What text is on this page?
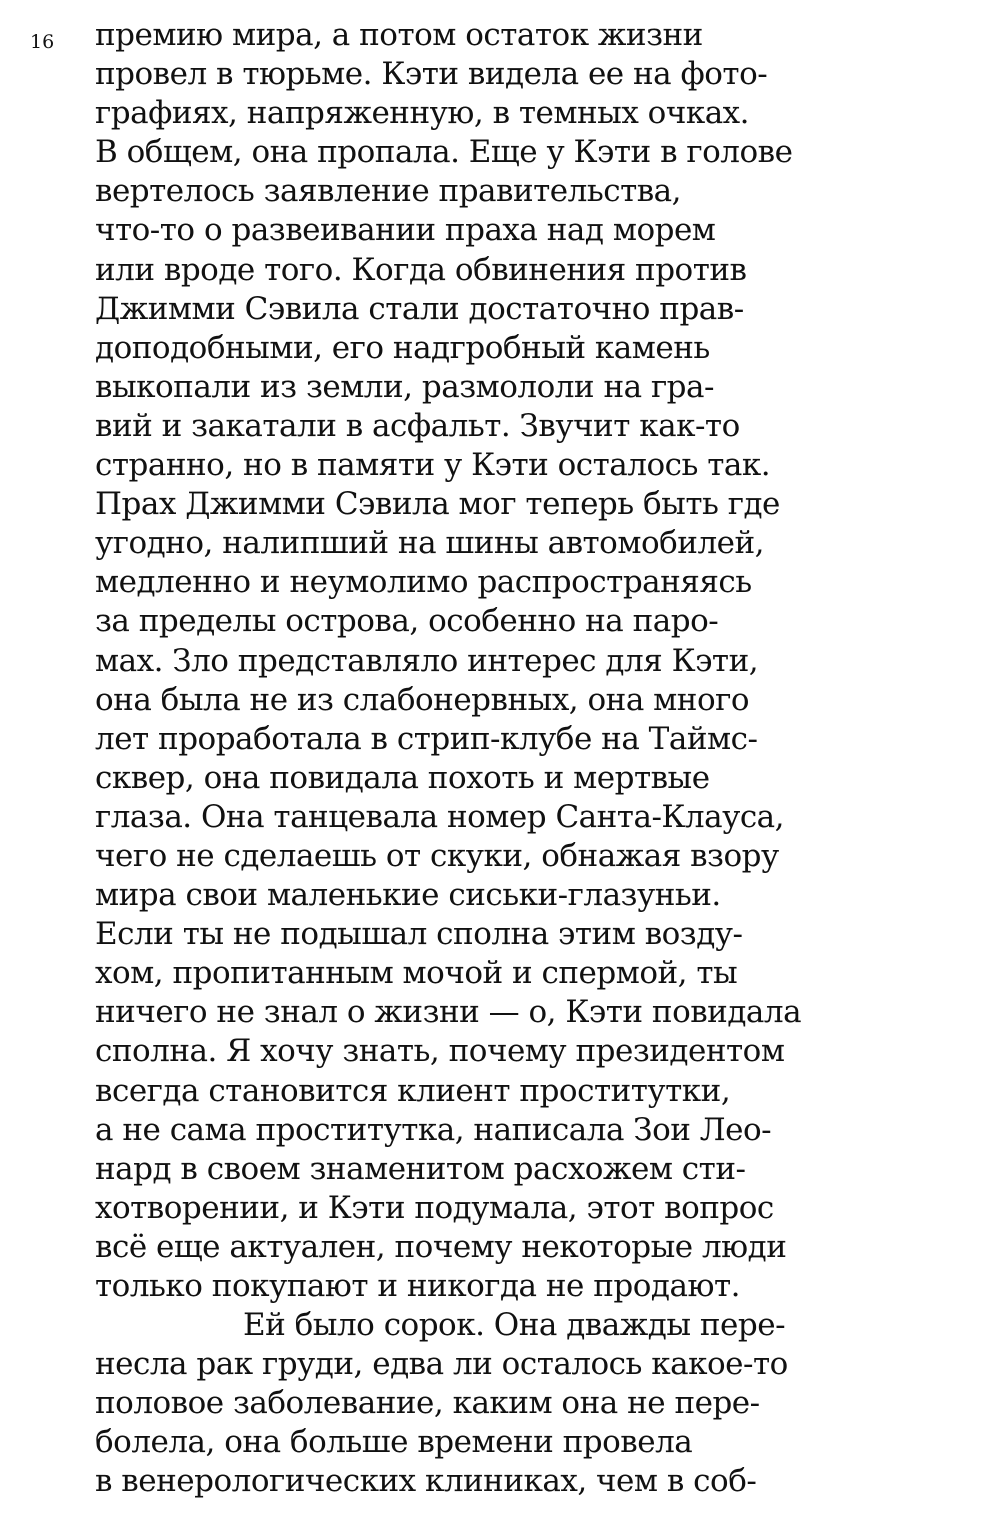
16 премию мира, а потом остаток жизни
провел в тюрьме. Кэти видела ее на фото-
графиях, напряженную, в темных очках.
В общем, она пропала. Еще у Кэти в голове
вертелось заявление правительства,
что-то о развеивании праха над морем
или вроде того. Когда обвинения против
Джимми Сэвила стали достаточно прав-
доподобными, его надгробный камень
выкопали из земли, размололи на гра-
вий и закатали в асфальт. Звучит как-то
странно, но в памяти у Кэти осталось так.
Прах Джимми Сэвила мог теперь быть где
угодно, налипший на шины автомобилей,
медленно и неумолимо распространяясь
за пределы острова, особенно на паро-
мах. Зло представляло интерес для Кэти,
она была не из слабонервных, она много
лет проработала в стрип-клубе на Таймс-
сквер, она повидала похоть и мертвые
глаза. Она танцевала номер Санта-Клауса,
чего не сделаешь от скуки, обнажая взору
мира свои маленькие сиськи-глазуньи.
Если ты не подышал сполна этим возду-
хом, пропитанным мочой и спермой, ты
ничего не знал о жизни — о, Кэти повидала
сполна. Я хочу знать, почему президентом
всегда становится клиент проститутки,
а не сама проститутка, написала Зои Лео-
нард в своем знаменитом расхожем сти-
хотворении, и Кэти подумала, этот вопрос
всё еще актуален, почему некоторые люди
только покупают и никогда не продают.
Ей было сорок. Она дважды пере-
несла рак груди, едва ли осталось какое-то
половое заболевание, каким она не пере-
болела, она больше времени провела
в венерологических клиниках, чем в соб-
